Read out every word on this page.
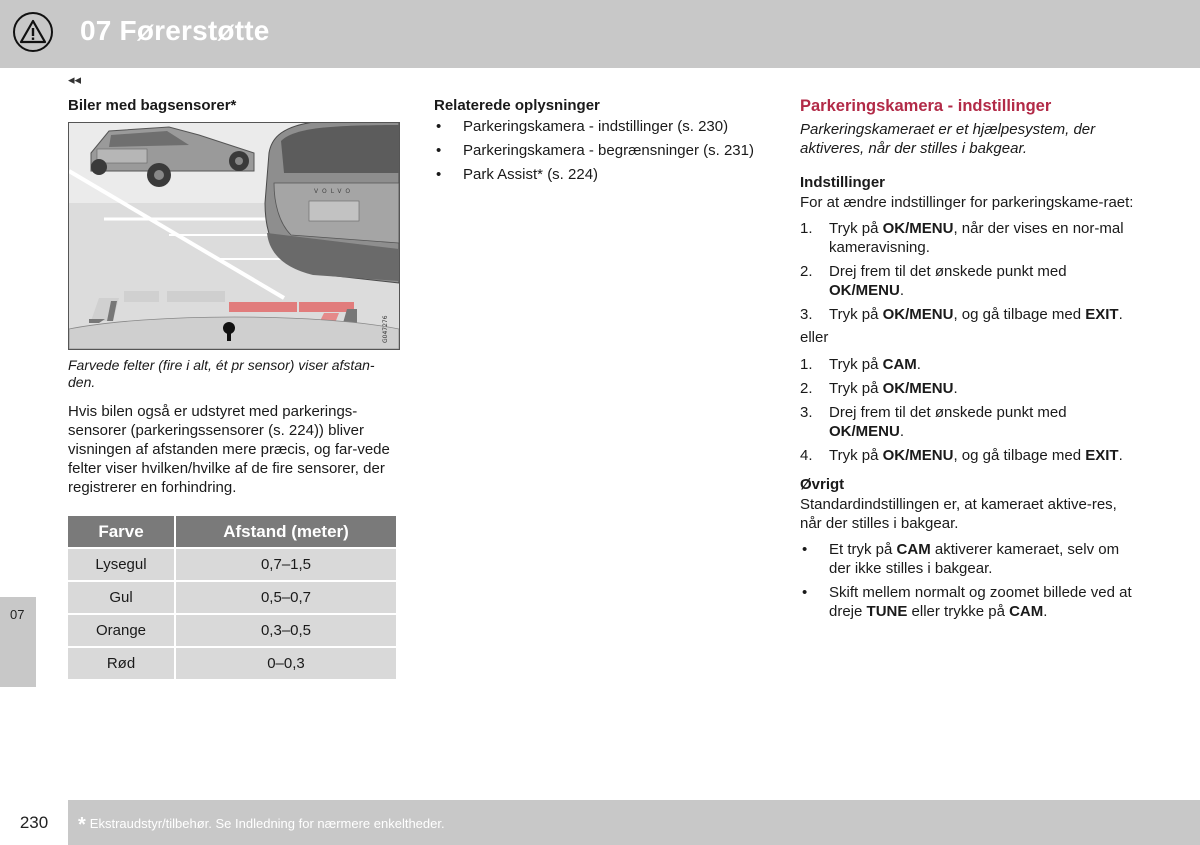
07 Førerstøtte
◂◂
07
Biler med bagsensorer*
VOLVO
G047276
Farvede felter (fire i alt, ét pr sensor) viser afstan-den.

Hvis bilen også er udstyret med parkerings-sensorer (parkeringssensorer (s. 224)) bliver visningen af afstanden mere præcis, og far-vede felter viser hvilken/hvilke af de fire sensorer, der registrerer en forhindring.

Farve	Afstand (meter)
Lysegul	0,7–1,5
Gul	0,5–0,7
Orange	0,3–0,5
Rød	0–0,3
Relaterede oplysninger
• Parkeringskamera - indstillinger (s. 230)
• Parkeringskamera - begrænsninger (s. 231)
• Park Assist* (s. 224)
Parkeringskamera - indstillinger

Parkeringskameraet er et hjælpesystem, der aktiveres, når der stilles i bakgear.

Indstillinger

For at ændre indstillinger for parkeringskame-raet:

1. Tryk på OK/MENU, når der vises en nor-mal kameravisning.
2. Drej frem til det ønskede punkt med OK/MENU.
3. Tryk på OK/MENU, og gå tilbage med EXIT.

eller

1. Tryk på CAM.
2. Tryk på OK/MENU.
3. Drej frem til det ønskede punkt med OK/MENU.
4. Tryk på OK/MENU, og gå tilbage med EXIT.
Øvrigt

Standardindstillingen er, at kameraet aktive-res, når der stilles i bakgear.

• Et tryk på CAM aktiverer kameraet, selv om der ikke stilles i bakgear.
• Skift mellem normalt og zoomet billede ved at dreje TUNE eller trykke på CAM.
230	* Ekstraudstyr/tilbehør. Se Indledning for nærmere enkeltheder.
